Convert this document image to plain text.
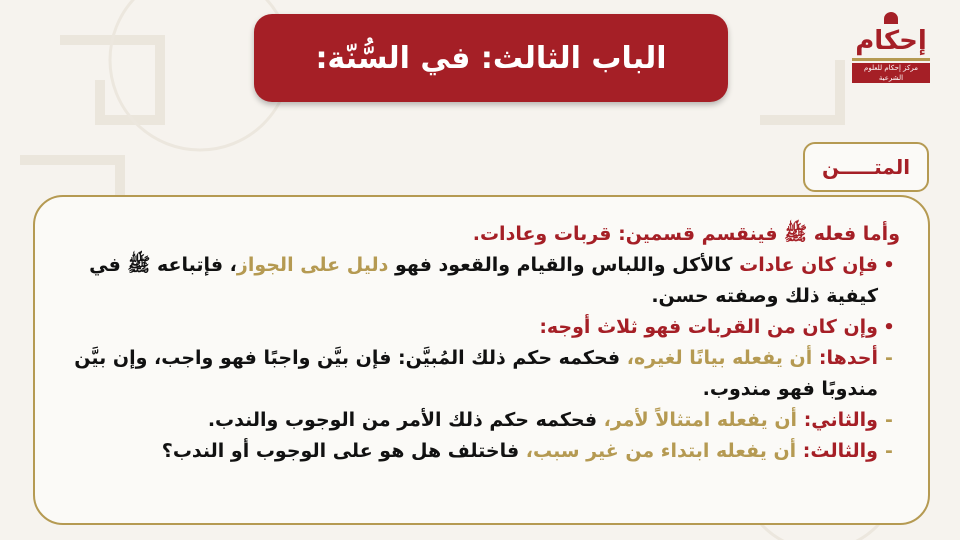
الباب الثالث: في السُّنّة:	إحكام
مركز إحكام للعلوم الشرعية
المتـــــن

وأما فعله ﷺ فينقسم قسمين: قربات وعادات.

•

فإن كان عادات كالأكل واللباس والقيام والقعود فهو دليل على الجواز، فإتباعه ﷺ في كيفية ذلك وصفته حسن.

•

وإن كان من القربات فهو ثلاث أوجه:

-

أحدها: أن يفعله بيانًا لغيره، فحكمه حكم ذلك المُبيَّن: فإن بيَّن واجبًا فهو واجب، وإن بيَّن مندوبًا فهو مندوب.

-

والثاني: أن يفعله امتثالاً لأمر، فحكمه حكم ذلك الأمر من الوجوب والندب.

-

والثالث: أن يفعله ابتداء من غير سبب، فاختلف هل هو على الوجوب أو الندب؟
